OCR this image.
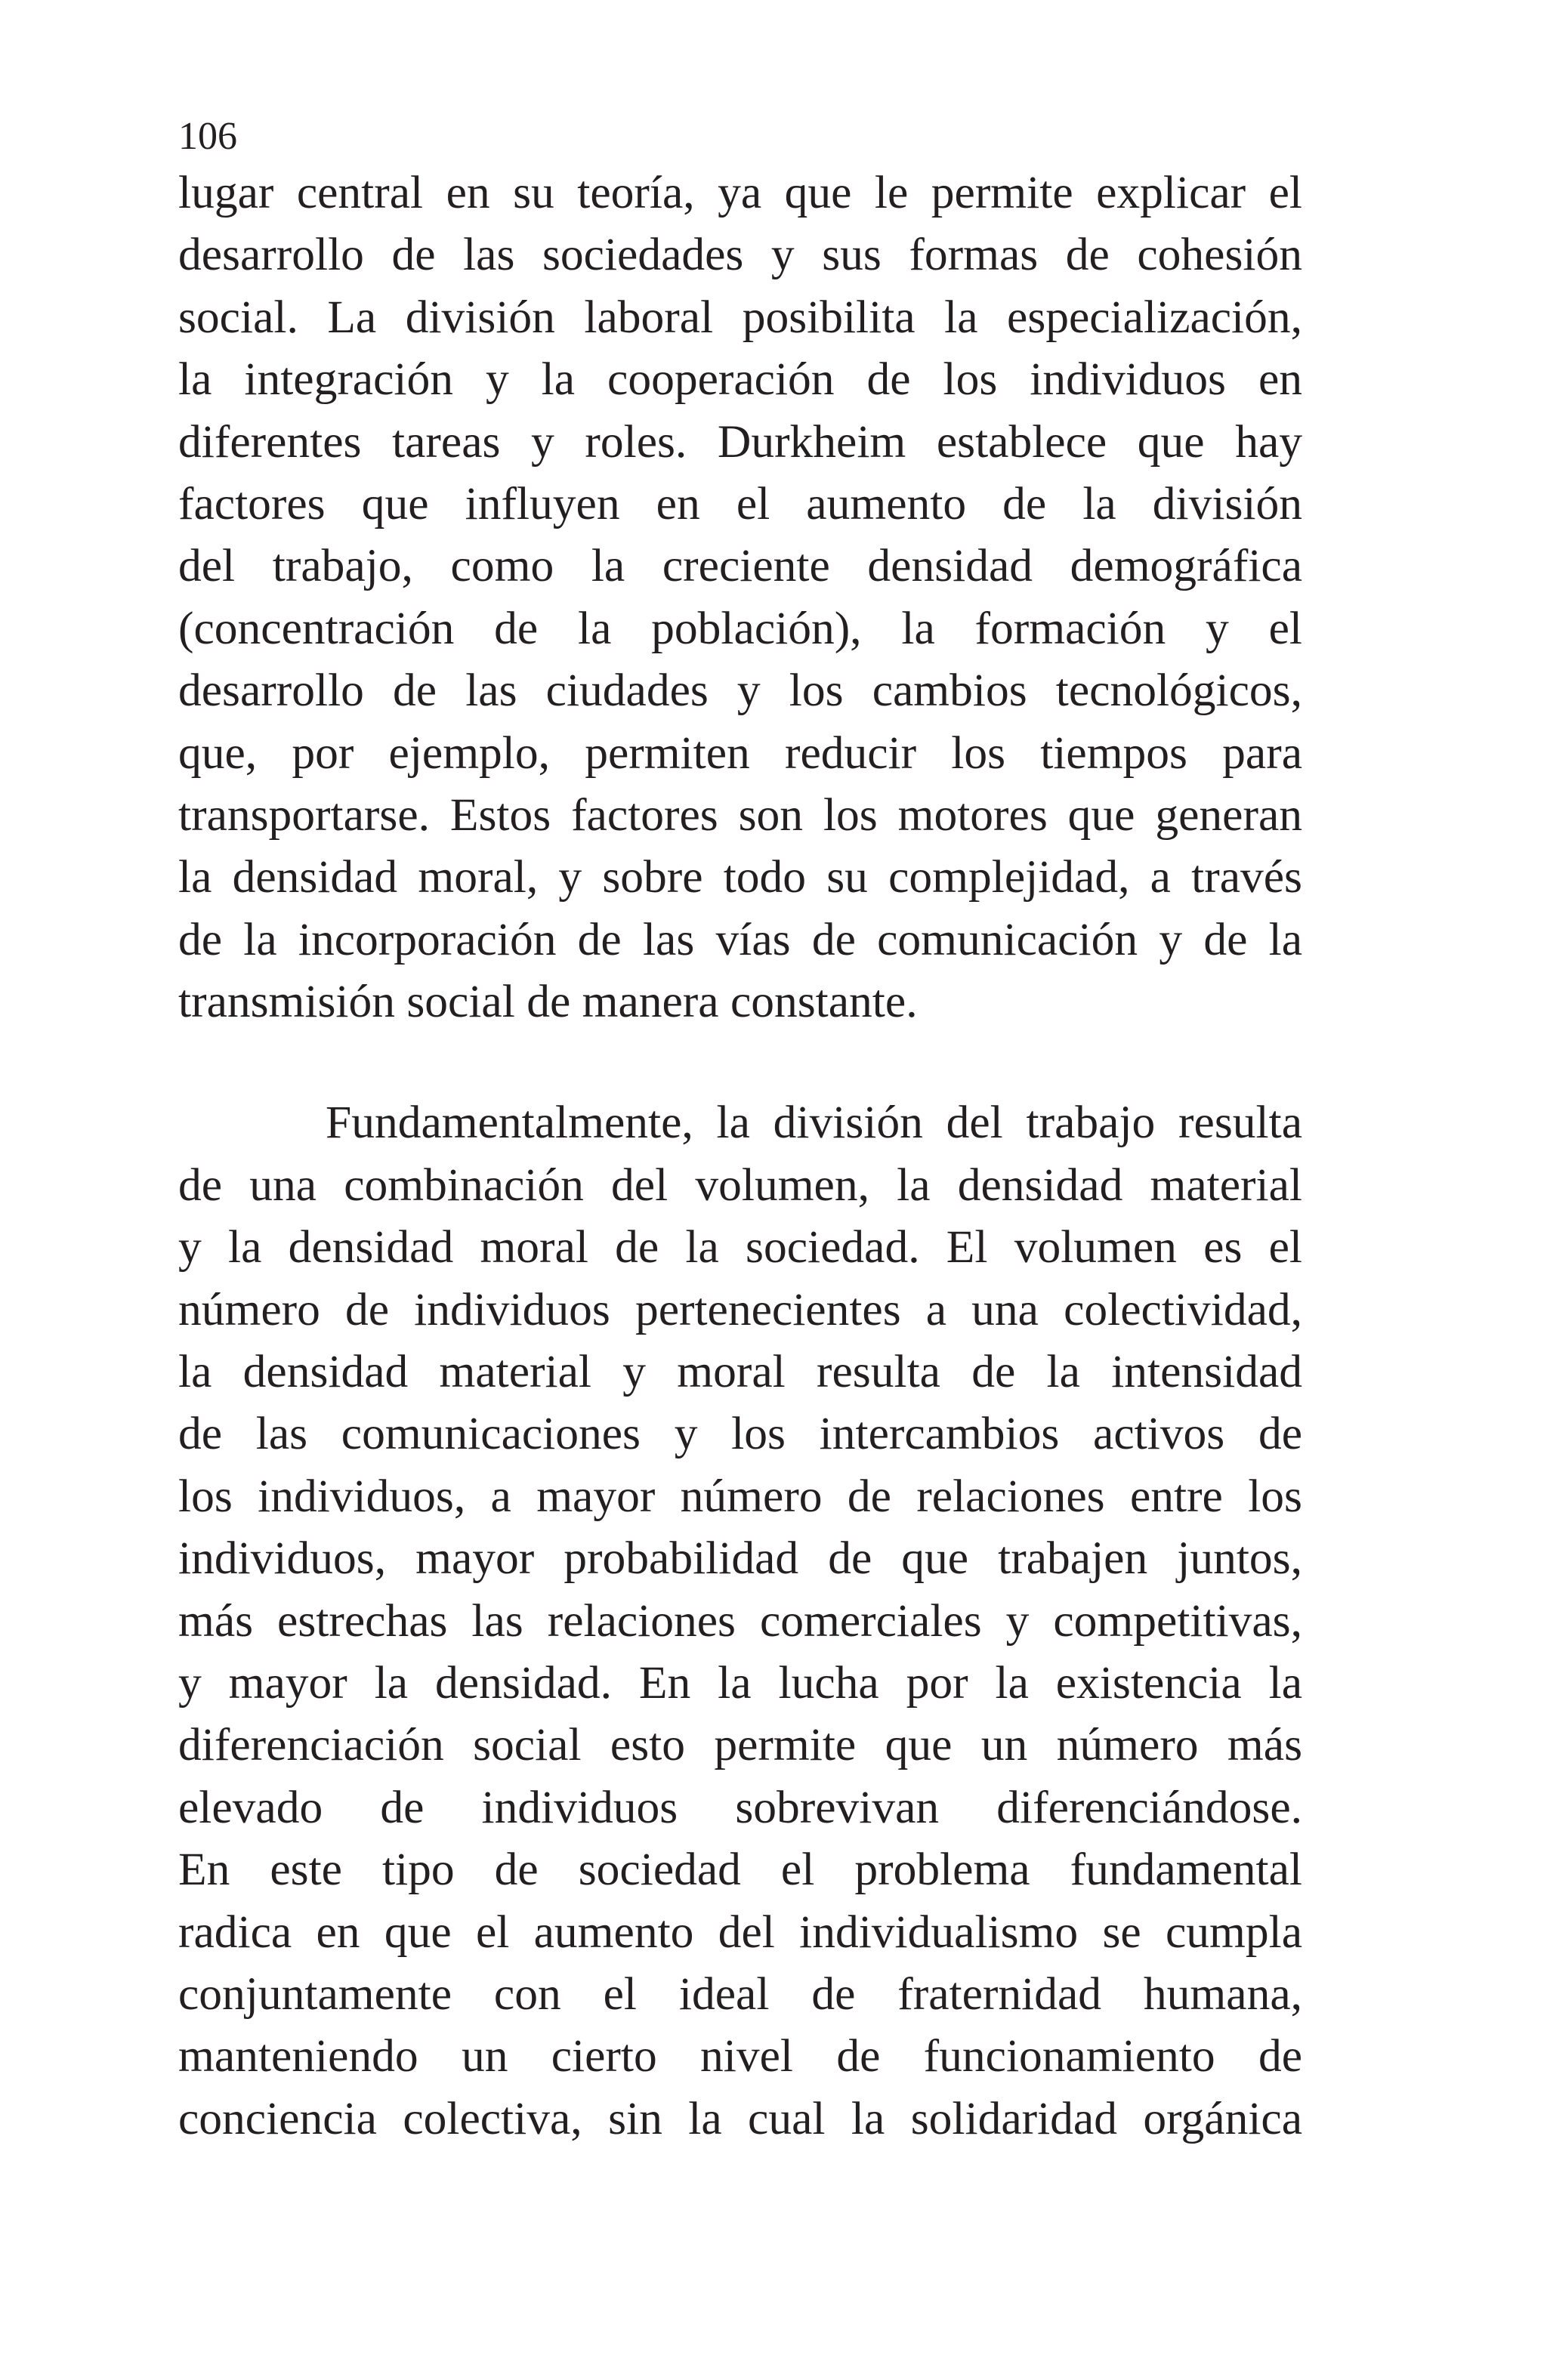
106
lugar central en su teoría, ya que le permite explicar el
desarrollo de las sociedades y sus formas de cohesión
social. La división laboral posibilita la especialización,
la integración y la cooperación de los individuos en
diferentes tareas y roles. Durkheim establece que hay
factores que influyen en el aumento de la división
del trabajo, como la creciente densidad demográfica
(concentración de la población), la formación y el
desarrollo de las ciudades y los cambios tecnológicos,
que, por ejemplo, permiten reducir los tiempos para
transportarse. Estos factores son los motores que generan
la densidad moral, y sobre todo su complejidad, a través
de la incorporación de las vías de comunicación y de la
transmisión social de manera constante.
Fundamentalmente, la división del trabajo resulta
de una combinación del volumen, la densidad material
y la densidad moral de la sociedad. El volumen es el
número de individuos pertenecientes a una colectividad,
la densidad material y moral resulta de la intensidad
de las comunicaciones y los intercambios activos de
los individuos, a mayor número de relaciones entre los
individuos, mayor probabilidad de que trabajen juntos,
más estrechas las relaciones comerciales y competitivas,
y mayor la densidad. En la lucha por la existencia la
diferenciación social esto permite que un número más
elevado de individuos sobrevivan diferenciándose.
En este tipo de sociedad el problema fundamental
radica en que el aumento del individualismo se cumpla
conjuntamente con el ideal de fraternidad humana,
manteniendo un cierto nivel de funcionamiento de
conciencia colectiva, sin la cual la solidaridad orgánica
